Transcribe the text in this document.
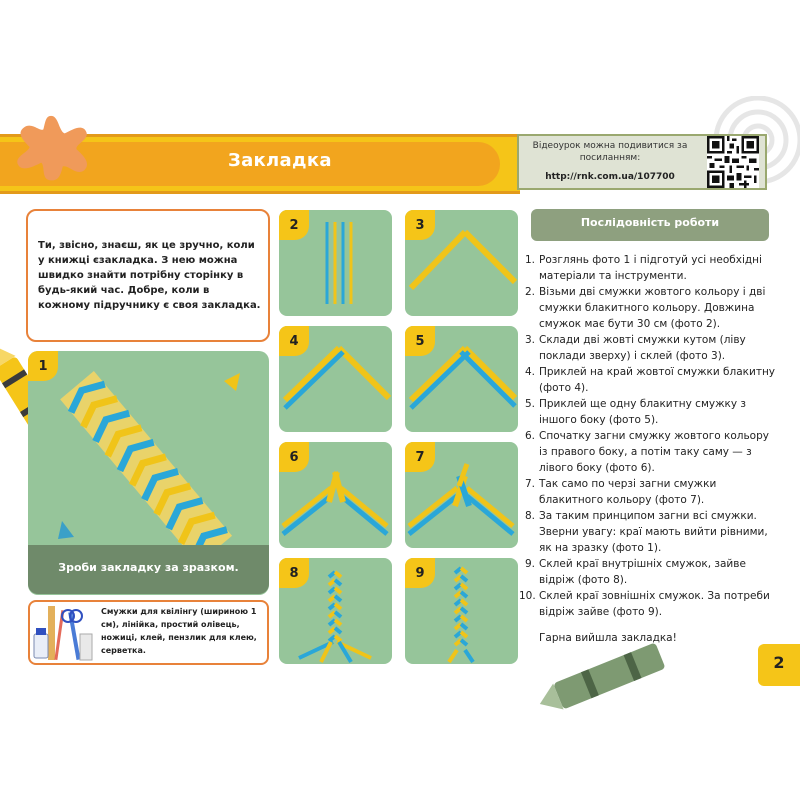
Закладка
Відеоурок можна подивитися за посиланням:
http://rnk.com.ua/107700
Ти, звісно, знаєш, як це зручно, коли у книжці єзакладка. З нею можна швидко знайти потрібну сторінку в будь-який час. Добре, коли в кожному підручнику є своя закладка.
1
Зроби закладку за зразком.
Смужки для квілінгу (шириною 1 см), лінійка, простий олівець, ножиці, клей, пензлик для клею, серветка.
2	3
4	5
6	7
8	9
Послідовність роботи
1. Розглянь фото 1 і підготуй усі необхідні матеріали та інструменти.
2. Візьми дві смужки жовтого кольору і дві смужки блакитного кольору. Довжина смужок має бути 30 см (фото 2).
3. Склади дві жовті смужки кутом (ліву поклади зверху) і склей (фото 3).
4. Приклей на край жовтої смужки блакитну (фото 4).
5. Приклей ще одну блакитну смужку з іншого боку (фото 5).
6. Спочатку загни смужку жовтого кольору із правого боку, а потім таку саму — з лівого боку (фото 6).
7. Так само по черзі загни смужки блакитного кольору (фото 7).
8. За таким принципом загни всі смужки. Зверни увагу: краї мають вийти рівними, як на зразку (фото 1).
9. Склей краї внутрішніх смужок, зайве відріж (фото 8).
10. Склей краї зовнішніх смужок. За потреби відріж зайве (фото 9).
Гарна вийшла закладка!
2
